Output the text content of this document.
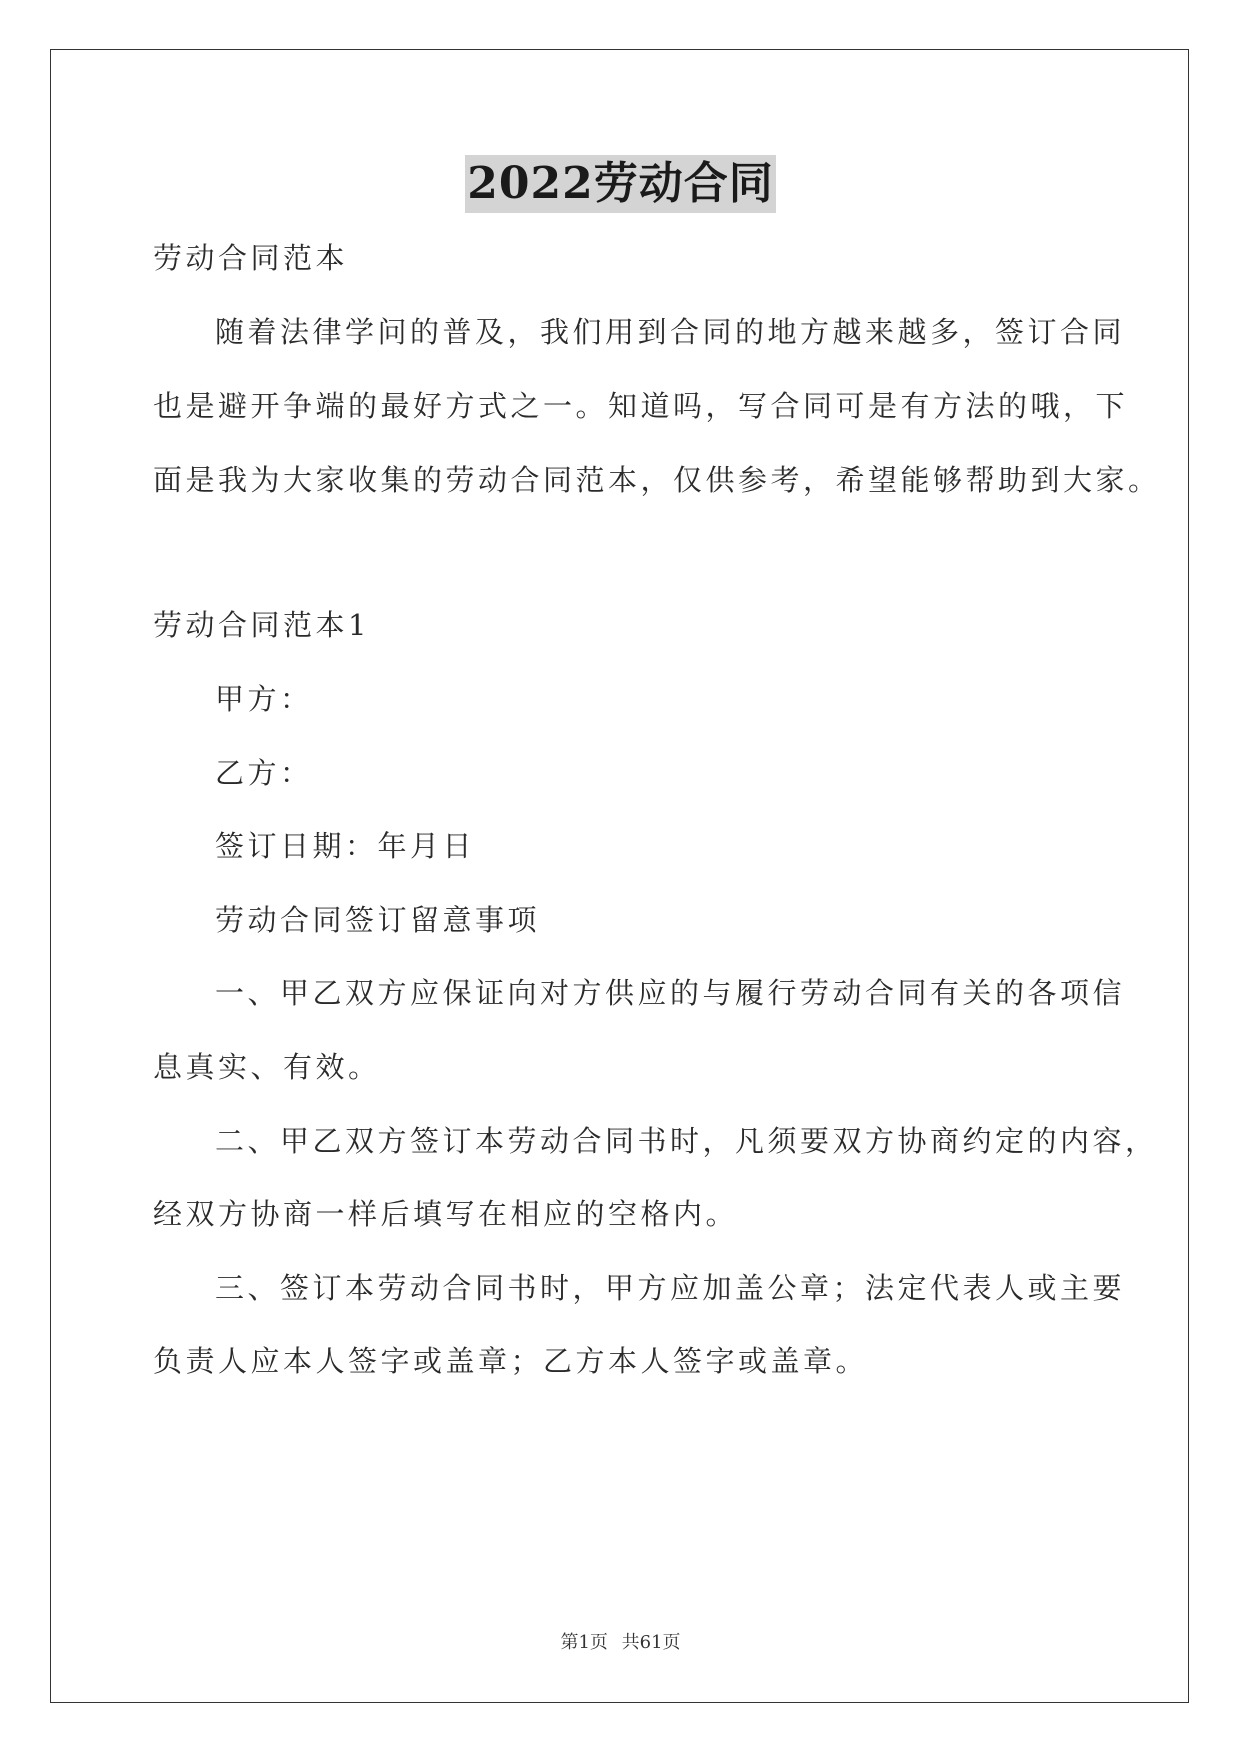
2022劳动合同
劳动合同范本
随着法律学问的普及，我们用到合同的地方越来越多，签订合同
也是避开争端的最好方式之一。知道吗，写合同可是有方法的哦，下
面是我为大家收集的劳动合同范本，仅供参考，希望能够帮助到大家。
劳动合同范本1
甲方：
乙方：
签订日期：年月日
劳动合同签订留意事项
一、甲乙双方应保证向对方供应的与履行劳动合同有关的各项信
息真实、有效。
二、甲乙双方签订本劳动合同书时，凡须要双方协商约定的内容，
经双方协商一样后填写在相应的空格内。
三、签订本劳动合同书时，甲方应加盖公章；法定代表人或主要
负责人应本人签字或盖章；乙方本人签字或盖章。
第1页 共61页
